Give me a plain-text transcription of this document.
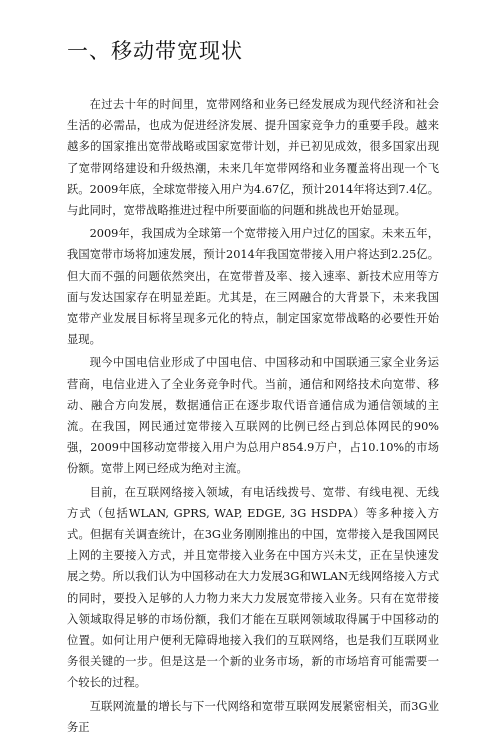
一、移动带宽现状

在过去十年的时间里，宽带网络和业务已经发展成为现代经济和社会生活的必需品，也成为促进经济发展、提升国家竞争力的重要手段。越来越多的国家推出宽带战略或国家宽带计划，并已初见成效，很多国家出现了宽带网络建设和升级热潮，未来几年宽带网络和业务覆盖将出现一个飞跃。2009年底，全球宽带接入用户为4.67亿，预计2014年将达到7.4亿。与此同时，宽带战略推进过程中所要面临的问题和挑战也开始显现。

2009年，我国成为全球第一个宽带接入用户过亿的国家。未来五年，我国宽带市场将加速发展，预计2014年我国宽带接入用户将达到2.25亿。但大而不强的问题依然突出，在宽带普及率、接入速率、新技术应用等方面与发达国家存在明显差距。尤其是，在三网融合的大背景下，未来我国宽带产业发展目标将呈现多元化的特点，制定国家宽带战略的必要性开始显现。

现今中国电信业形成了中国电信、中国移动和中国联通三家全业务运营商，电信业进入了全业务竞争时代。当前，通信和网络技术向宽带、移动、融合方向发展，数据通信正在逐步取代语音通信成为通信领域的主流。在我国，网民通过宽带接入互联网的比例已经占到总体网民的90%强，2009中国移动宽带接入用户为总用户854.9万户，占10.10%的市场份额。宽带上网已经成为绝对主流。

目前，在互联网络接入领域，有电话线拨号、宽带、有线电视、无线方式（包括WLAN, GPRS, WAP, EDGE, 3G HSDPA）等多种接入方式。但据有关调查统计，在3G业务刚刚推出的中国，宽带接入是我国网民上网的主要接入方式，并且宽带接入业务在中国方兴未艾，正在呈快速发展之势。所以我们认为中国移动在大力发展3G和WLAN无线网络接入方式的同时，要投入足够的人力物力来大力发展宽带接入业务。只有在宽带接入领域取得足够的市场份额，我们才能在互联网领域取得属于中国移动的位置。如何让用户便利无障碍地接入我们的互联网络，也是我们互联网业务很关键的一步。但是这是一个新的业务市场，新的市场培育可能需要一个较长的过程。

互联网流量的增长与下一代网络和宽带互联网发展紧密相关，而3G业务正
